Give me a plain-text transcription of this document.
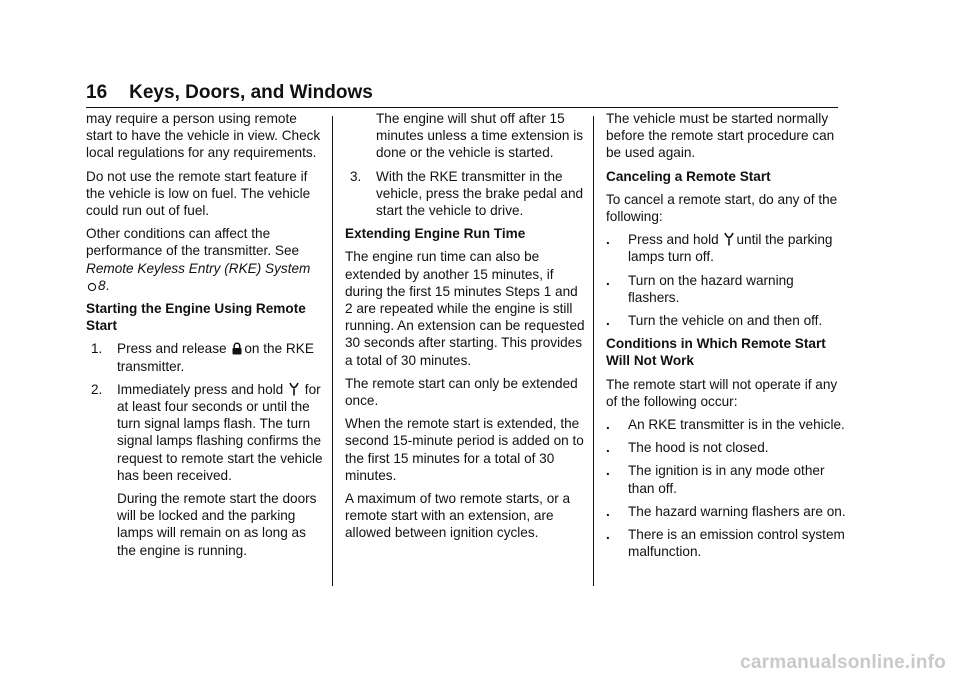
16 Keys, Doors, and Windows

may require a person using remote start to have the vehicle in view. Check local regulations for any requirements.

Do not use the remote start feature if the vehicle is low on fuel. The vehicle could run out of fuel.

Other conditions can affect the performance of the transmitter. See Remote Keyless Entry (RKE) System 8.

Starting the Engine Using Remote Start

1. Press and release on the RKE transmitter.
2. Immediately press and hold for at least four seconds or until the turn signal lamps flash. The turn signal lamps flashing confirms the request to remote start the vehicle has been received.

During the remote start the doors will be locked and the parking lamps will remain on as long as the engine is running.

The engine will shut off after 15 minutes unless a time extension is done or the vehicle is started.

3. With the RKE transmitter in the vehicle, press the brake pedal and start the vehicle to drive.

Extending Engine Run Time

The engine run time can also be extended by another 15 minutes, if during the first 15 minutes Steps 1 and 2 are repeated while the engine is still running. An extension can be requested 30 seconds after starting. This provides a total of 30 minutes.

The remote start can only be extended once.

When the remote start is extended, the second 15-minute period is added on to the first 15 minutes for a total of 30 minutes.

A maximum of two remote starts, or a remote start with an extension, are allowed between ignition cycles.

The vehicle must be started normally before the remote start procedure can be used again.

Canceling a Remote Start

To cancel a remote start, do any of the following:

. Press and hold until the parking lamps turn off.
. Turn on the hazard warning flashers.
. Turn the vehicle on and then off.

Conditions in Which Remote Start Will Not Work

The remote start will not operate if any of the following occur:

. An RKE transmitter is in the vehicle.
. The hood is not closed.
. The ignition is in any mode other than off.
. The hazard warning flashers are on.
. There is an emission control system malfunction.
carmanualsonline.info
